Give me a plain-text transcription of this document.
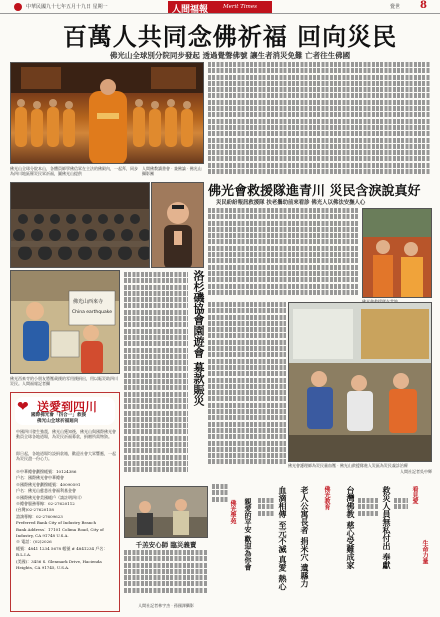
中華民國九十七年五月十九日 星期一	人間福報	Merit Times	覺世 8
百萬人共同念佛祈福 回向災民
佛光山全球別分院同步發起 透過覺聲佛號 讓生者消災免難 亡者往生佛國
佛光山全球分院本山，各體員師學佛信眾在主法的佛殿內，一起拜，同步為四川地區罹災民眾祈福，圖佛光山提供
人間佛教讀書會 · 兼佛論 · 佛光山攝影團
佛光山西來寺
China earthquake
佛光西來寺的小朋友將壓歲錢的零用錢捐出，用以賑災助四川災民。人間福報記者攝	洛杉磯協會園遊會 募款賑災
佛光會救援隊進青川 災民含淚說真好
災民紛紛報訊救援隊 扶老攜幼前來看診 佛光人以佛法安撫人心
佛光會護理師為災民量血壓 · 佛光山救援隊進入災區為災民義診治療
人間社記者吳中輝
❤ 送愛到四川
國際佛光會「四合一」救援
佛光山全球祈福迴向
中國四川發生強震，佛光山獲知後，佛光山與國際佛光會動員全球各地道場，為災民祈福募款，捐贈所需物資。
即日起，各地道場均設捐款箱，歡迎社會大眾響應，一起為災民盡一份心力。
※中華總會劃撥帳號：10124386
戶名：國際佛光會中華總會
※國際佛光會劃撥帳號：40090591
戶名：佛光山慈悲社會福利基金會
※國際佛光會美國帳戶（請註明四川）
※總會服務專線：02-27620112
(台灣)02-27620158
諮詢專線：02-27609623
Preferred Bank City of Industry Branch
Bank Address：17101 Colima Road, City of Industry, CA 91748 U.S.A.
※ 電話：(02)2026
帳號：4841 1234 5678 帳號 # 4841234 戶名：B.L.I.A.
(美國)：3456 S. Glenmark Drive, Hacienda Heights, CA 91745, U.S.A.
千羔安心師 臨災義賣
人間社記者林宇杰 · 孫國澤攝影
佛光學苑 親愛的平安 歡迎為你會	血滴相傳 至元不滅 真愛 熱心 老人公寓長者 捐米穴 遺縣力 佛光教育 台灣佛教 慈心受難成家	救災人員無私付出 奉獻	看見愛
生命力量
